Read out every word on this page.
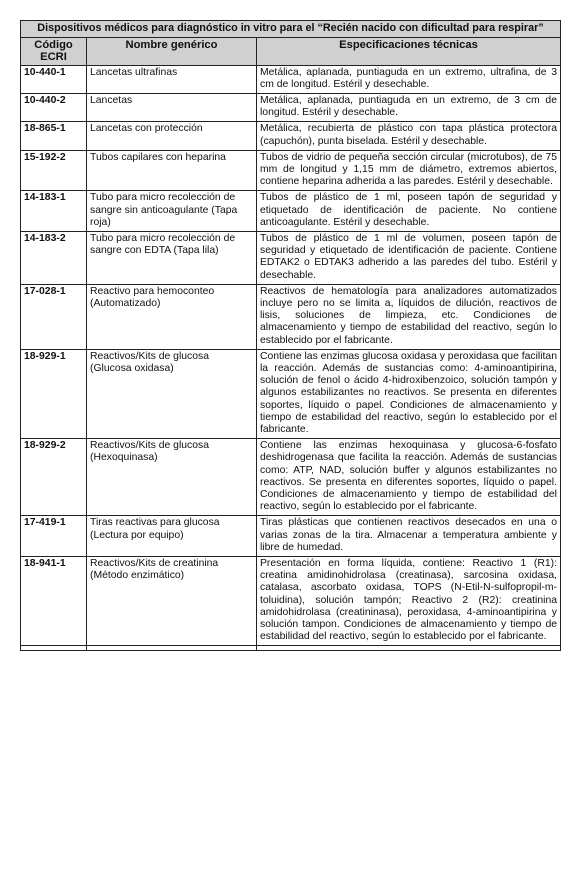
Dispositivos médicos para diagnóstico in vitro para el “Recién nacido con dificultad para respirar”		
Código ECRI	Nombre genérico	Especificaciones técnicas
10-440-1	Lancetas ultrafinas	Metálica, aplanada, puntiaguda en un extremo, ultrafina, de 3 cm de longitud. Estéril y desechable.
10-440-2	Lancetas	Metálica, aplanada, puntiaguda en un extremo, de 3 cm de longitud. Estéril y desechable.
18-865-1	Lancetas con protección	Metálica, recubierta de plástico con tapa plástica protectora (capuchón), punta biselada. Estéril y desechable.
15-192-2	Tubos capilares con heparina	Tubos de vidrio de pequeña sección circular (microtubos), de 75 mm de longitud y 1,15 mm de diámetro, extremos abiertos, contiene heparina adherida a las paredes. Estéril y desechable.
14-183-1	Tubo para micro recolección de sangre sin anticoagulante (Tapa roja)	Tubos de plástico de 1 ml, poseen tapón de seguridad y etiquetado de identificación de paciente. No contiene anticoagulante. Estéril y desechable.
14-183-2	Tubo para micro recolección de sangre con EDTA (Tapa lila)	Tubos de plástico de 1 ml de volumen, poseen tapón de seguridad y etiquetado de identificación de paciente. Contiene EDTAK2 o EDTAK3 adherido a las paredes del tubo. Estéril y desechable.
17-028-1	Reactivo para hemoconteo (Automatizado)	Reactivos de hematología para analizadores automatizados incluye pero no se limita a, líquidos de dilución, reactivos de lisis, soluciones de limpieza, etc. Condiciones de almacenamiento y tiempo de estabilidad del reactivo, según lo establecido por el fabricante.
18-929-1	Reactivos/Kits de glucosa (Glucosa oxidasa)	Contiene las enzimas glucosa oxidasa y peroxidasa que facilitan la reacción. Además de sustancias como: 4-aminoantipirina, solución de fenol o ácido 4-hidroxibenzoico, solución tampón y algunos estabilizantes no reactivos. Se presenta en diferentes soportes, líquido o papel. Condiciones de almacenamiento y tiempo de estabilidad del reactivo, según lo establecido por el fabricante.
18-929-2	Reactivos/Kits de glucosa (Hexoquinasa)	Contiene las enzimas hexoquinasa y glucosa-6-fosfato deshidrogenasa que facilita la reacción. Además de sustancias como: ATP, NAD, solución buffer y algunos estabilizantes no reactivos. Se presenta en diferentes soportes, líquido o papel. Condiciones de almacenamiento y tiempo de estabilidad del reactivo, según lo establecido por el fabricante.
17-419-1	Tiras reactivas para glucosa (Lectura por equipo)	Tiras plásticas que contienen reactivos desecados en una o varias zonas de la tira. Almacenar a temperatura ambiente y libre de humedad.
18-941-1	Reactivos/Kits de creatinina (Método enzimático)	Presentación en forma líquida, contiene: Reactivo 1 (R1): creatina amidinohidrolasa (creatinasa), sarcosina oxidasa, catalasa, ascorbato oxidasa, TOPS (N-Etil-N-sulfopropil-m-toluidina), solución tampón; Reactivo 2 (R2): creatinina amidohidrolasa (creatininasa), peroxidasa, 4-aminoantipirina y solución tampon. Condiciones de almacenamiento y tiempo de estabilidad del reactivo, según lo establecido por el fabricante.
